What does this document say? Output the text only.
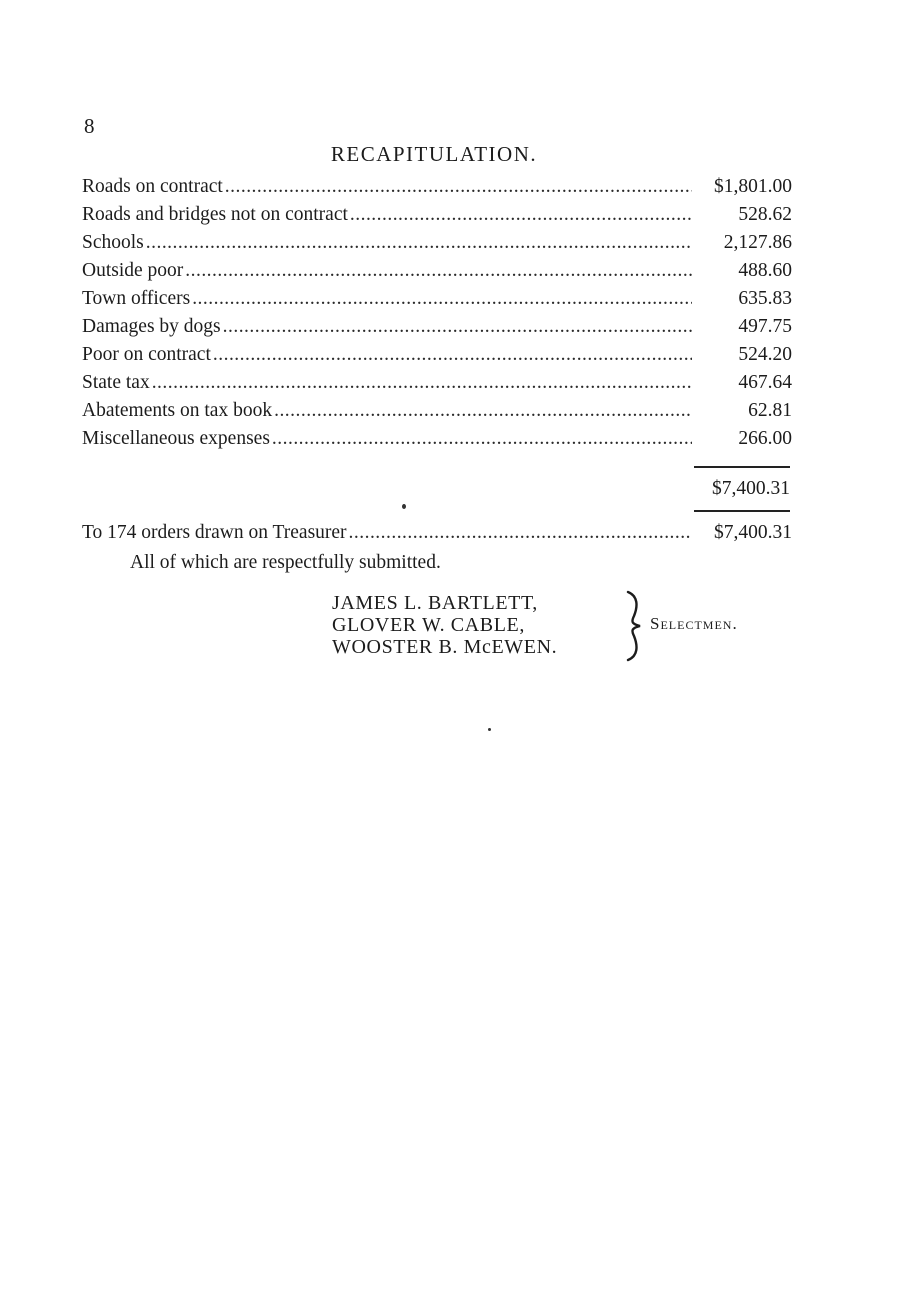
8
RECAPITULATION.
Roads on contract . . .	$1,801.00
Roads and bridges not on contract . . .	528.62
Schools . . .	2,127.86
Outside poor . . .	488.60
Town officers . . .	635.83
Damages by dogs . . .	497.75
Poor on contract . . .	524.20
State tax . . .	467.64
Abatements on tax book . . .	62.81
Miscellaneous expenses . . .	266.00
$7,400.31
To 174 orders drawn on Treasurer . . .	$7,400.31
All of which are respectfully submitted.
JAMES L. BARTLETT,
GLOVER W. CABLE,
WOOSTER B. McEWEN.
Selectmen.
